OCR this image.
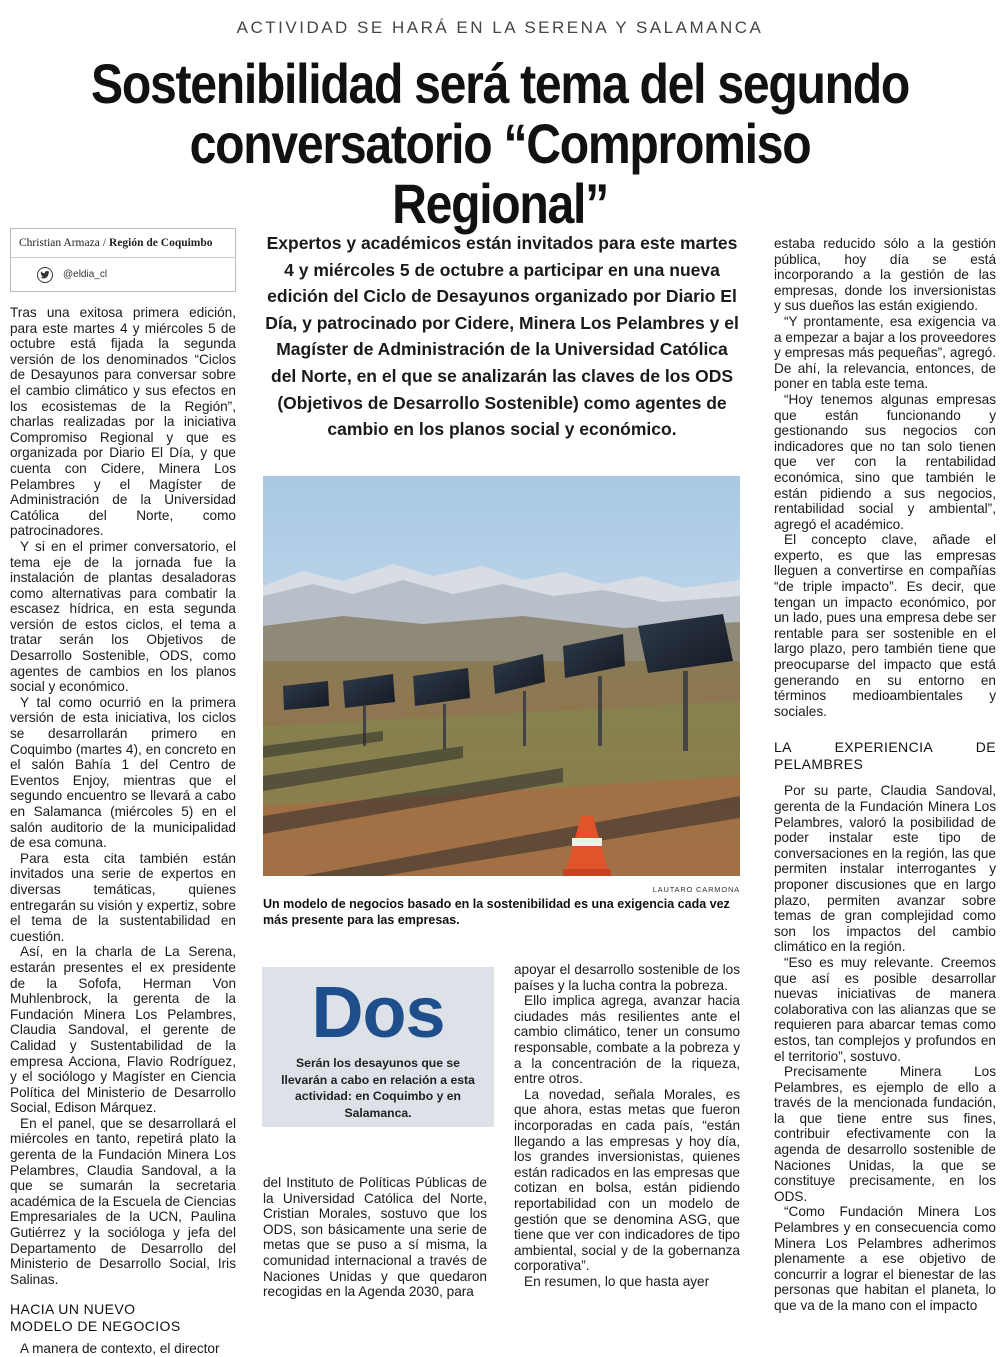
ACTIVIDAD SE HARÁ EN LA SERENA Y SALAMANCA
Sostenibilidad será tema del segundo
conversatorio “Compromiso Regional”
Christian Armaza / Región de Coquimbo
@eldia_cl

Tras una exitosa primera edición, para este martes 4 y miércoles 5 de octubre está fijada la segunda versión de los denominados “Ciclos de Desayunos para conversar sobre el cambio climático y sus efectos en los ecosistemas de la Región”, charlas realizadas por la iniciativa Compromiso Regional y que es organizada por Diario El Día, y que cuenta con Cidere, Minera Los Pelambres y el Magíster de Administración de la Universidad Católica del Norte, como patrocinadores.

Y si en el primer conversatorio, el tema eje de la jornada fue la instalación de plantas desaladoras como alternativas para combatir la escasez hídrica, en esta segunda versión de estos ciclos, el tema a tratar serán los Objetivos de Desarrollo Sostenible, ODS, como agentes de cambios en los planos social y económico.

Y tal como ocurrió en la primera versión de esta iniciativa, los ciclos se desarrollarán primero en Coquimbo (martes 4), en concreto en el salón Bahía 1 del Centro de Eventos Enjoy, mientras que el segundo encuentro se llevará a cabo en Salamanca (miércoles 5) en el salón auditorio de la municipalidad de esa comuna.

Para esta cita también están invitados una serie de expertos en diversas temáticas, quienes entregarán su visión y expertiz, sobre el tema de la sustentabilidad en cuestión.

Así, en la charla de La Serena, estarán presentes el ex presidente de la Sofofa, Herman Von Muhlenbrock, la gerenta de la Fundación Minera Los Pelambres, Claudia Sandoval, el gerente de Calidad y Sustentabilidad de la empresa Acciona, Flavio Rodríguez, y el sociólogo y Magíster en Ciencia Política del Ministerio de Desarrollo Social, Edison Márquez.

En el panel, que se desarrollará el miércoles en tanto, repetirá plato la gerenta de la Fundación Minera Los Pelambres, Claudia Sandoval, a la que se sumarán la secretaria académica de la Escuela de Ciencias Empresariales de la UCN, Paulina Gutiérrez y la socióloga y jefa del Departamento de Desarrollo del Ministerio de Desarrollo Social, Iris Salinas.

HACIA UN NUEVO
MODELO DE NEGOCIOS

A manera de contexto, el director

Expertos y académicos están invitados para este martes 4 y miércoles 5 de octubre a participar en una nueva edición del Ciclo de Desayunos organizado por Diario El Día, y patrocinado por Cidere, Minera Los Pelambres y el Magíster de Administración de la Universidad Católica del Norte, en el que se analizarán las claves de los ODS (Objetivos de Desarrollo Sostenible) como agentes de cambio en los planos social y económico.
LAUTARO CARMONA
Un modelo de negocios basado en la sostenibilidad es una exigencia cada vez más presente para las empresas.
Dos
Serán los desayunos que se llevarán a cabo en relación a esta actividad: en Coquimbo y en Salamanca.

del Instituto de Políticas Públicas de la Universidad Católica del Norte, Cristian Morales, sostuvo que los ODS, son básicamente una serie de metas que se puso a sí misma, la comunidad internacional a través de Naciones Unidas y que quedaron recogidas en la Agenda 2030, para

apoyar el desarrollo sostenible de los países y la lucha contra la pobreza.

Ello implica agrega, avanzar hacia ciudades más resilientes ante el cambio climático, tener un consumo responsable, combate a la pobreza y a la concentración de la riqueza, entre otros.

La novedad, señala Morales, es que ahora, estas metas que fueron incorporadas en cada país, “están llegando a las empresas y hoy día, los grandes inversionistas, quienes están radicados en las empresas que cotizan en bolsa, están pidiendo reportabilidad con un modelo de gestión que se denomina ASG, que tiene que ver con indicadores de tipo ambiental, social y de la gobernanza corporativa”.

En resumen, lo que hasta ayer

estaba reducido sólo a la gestión pública, hoy día se está incorporando a la gestión de las empresas, donde los inversionistas y sus dueños las están exigiendo.

“Y prontamente, esa exigencia va a empezar a bajar a los proveedores y empresas más pequeñas”, agregó. De ahí, la relevancia, entonces, de poner en tabla este tema.

“Hoy tenemos algunas empresas que están funcionando y gestionando sus negocios con indicadores que no tan solo tienen que ver con la rentabilidad económica, sino que también le están pidiendo a sus negocios, rentabilidad social y ambiental”, agregó el académico.

El concepto clave, añade el experto, es que las empresas lleguen a convertirse en compañías “de triple impacto”. Es decir, que tengan un impacto económico, por un lado, pues una empresa debe ser rentable para ser sostenible en el largo plazo, pero también tiene que preocuparse del impacto que está generando en su entorno en términos medioambientales y sociales.

LA EXPERIENCIA DE PELAMBRES

Por su parte, Claudia Sandoval, gerenta de la Fundación Minera Los Pelambres, valoró la posibilidad de poder instalar este tipo de conversaciones en la región, las que permiten instalar interrogantes y proponer discusiones que en largo plazo, permiten avanzar sobre temas de gran complejidad como son los impactos del cambio climático en la región.

“Eso es muy relevante. Creemos que así es posible desarrollar nuevas iniciativas de manera colaborativa con las alianzas que se requieren para abarcar temas como estos, tan complejos y profundos en el territorio”, sostuvo.

Precisamente Minera Los Pelambres, es ejemplo de ello a través de la mencionada fundación, la que tiene entre sus fines, contribuir efectivamente con la agenda de desarrollo sostenible de Naciones Unidas, la que se constituye precisamente, en los ODS.

“Como Fundación Minera Los Pelambres y en consecuencia como Minera Los Pelambres adherimos plenamente a ese objetivo de concurrir a lograr el bienestar de las personas que habitan el planeta, lo que va de la mano con el impacto
